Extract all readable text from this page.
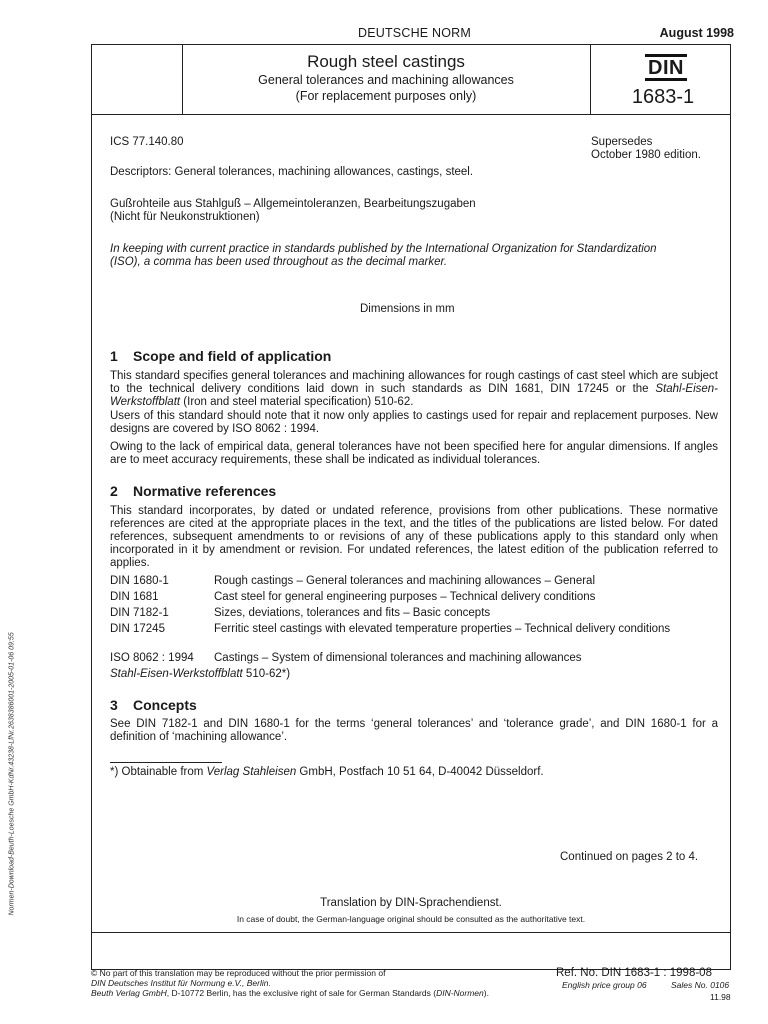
DEUTSCHE NORM	August 1998
Rough steel castings
General tolerances and machining allowances
(For replacement purposes only)
DIN
1683-1
ICS 77.140.80	Supersedes
October 1980 edition.
Descriptors: General tolerances, machining allowances, castings, steel.
Gußrohteile aus Stahlguß – Allgemeintoleranzen, Bearbeitungszugaben
(Nicht für Neukonstruktionen)
In keeping with current practice in standards published by the International Organization for Standardization
(ISO), a comma has been used throughout as the decimal marker.
Dimensions in mm
1 Scope and field of application
This standard specifies general tolerances and machining allowances for rough castings of cast steel which are subject to the technical delivery conditions laid down in such standards as DIN 1681, DIN 17245 or the Stahl-Eisen-Werkstoffblatt (Iron and steel material specification) 510-62.
Users of this standard should note that it now only applies to castings used for repair and replacement purposes. New designs are covered by ISO 8062 : 1994.
Owing to the lack of empirical data, general tolerances have not been specified here for angular dimensions. If angles are to meet accuracy requirements, these shall be indicated as individual tolerances.
2 Normative references
This standard incorporates, by dated or undated reference, provisions from other publications. These normative references are cited at the appropriate places in the text, and the titles of the publications are listed below. For dated references, subsequent amendments to or revisions of any of these publications apply to this standard only when incorporated in it by amendment or revision. For undated references, the latest edition of the publication referred to applies.
DIN 1680-1	Rough castings – General tolerances and machining allowances – General
DIN 1681	Cast steel for general engineering purposes – Technical delivery conditions
DIN 7182-1	Sizes, deviations, tolerances and fits – Basic concepts
DIN 17245	Ferritic steel castings with elevated temperature properties – Technical delivery conditions
ISO 8062 : 1994	Castings – System of dimensional tolerances and machining allowances
Stahl-Eisen-Werkstoffblatt 510-62*)
3 Concepts
See DIN 7182-1 and DIN 1680-1 for the terms ‘general tolerances’ and ‘tolerance grade’, and DIN 1680-1 for a definition of ‘machining allowance’.
*) Obtainable from Verlag Stahleisen GmbH, Postfach 10 51 64, D-40042 Düsseldorf.
Continued on pages 2 to 4.
Translation by DIN-Sprachendienst.
In case of doubt, the German-language original should be consulted as the authoritative text.
© No part of this translation may be reproduced without the prior permission of
DIN Deutsches Institut für Normung e.V., Berlin.
Beuth Verlag GmbH, D-10772 Berlin, has the exclusive right of sale for German Standards (DIN-Normen).
Ref. No. DIN 1683-1 : 1998-08
English price group 06	Sales No. 0106
11.98
Normen-Download-Beuth-Loesche GmbH-KdNr.43238-LfNr.2638386001-2005-01-06 09:55
